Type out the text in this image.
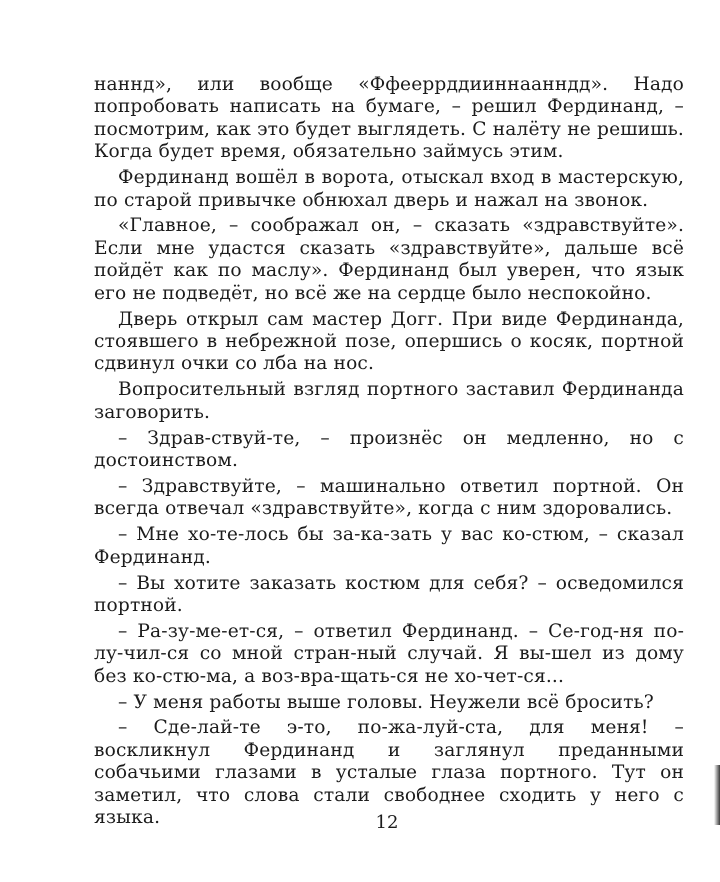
наннд», или вообще «Ффееррддииннаанндд». Надо попробовать написать на бумаге, – решил Фердинанд, – посмотрим, как это будет выглядеть. С налёту не решишь. Когда будет время, обязательно займусь этим.

Фердинанд вошёл в ворота, отыскал вход в мастерскую, по старой привычке обнюхал дверь и нажал на звонок.

«Главное, – соображал он, – сказать «здравствуйте». Если мне удастся сказать «здравствуйте», дальше всё пойдёт как по маслу». Фердинанд был уверен, что язык его не подведёт, но всё же на сердце было неспокойно.

Дверь открыл сам мастер Догг. При виде Фердинанда, стоявшего в небрежной позе, опершись о косяк, портной сдвинул очки со лба на нос.

Вопросительный взгляд портного заставил Фердинанда заговорить.

– Здрав-ствуй-те, – произнёс он медленно, но с достоинством.

– Здравствуйте, – машинально ответил портной. Он всегда отвечал «здравствуйте», когда с ним здоровались.

– Мне хо-те-лось бы за-ка-зать у вас ко-стюм, – сказал Фердинанд.

– Вы хотите заказать костюм для себя? – осведомился портной.

– Ра-зу-ме-ет-ся, – ответил Фердинанд. – Се-год-ня по-лу-чил-ся со мной стран-ный случай. Я вы-шел из дому без ко-стю-ма, а воз-вра-щать-ся не хо-чет-ся...

– У меня работы выше головы. Неужели всё бросить?

– Сде-лай-те э-то, по-жа-луй-ста, для меня! – воскликнул Фердинанд и заглянул преданными собачьими глазами в усталые глаза портного. Тут он заметил, что слова стали свободнее сходить у него с языка.	12
